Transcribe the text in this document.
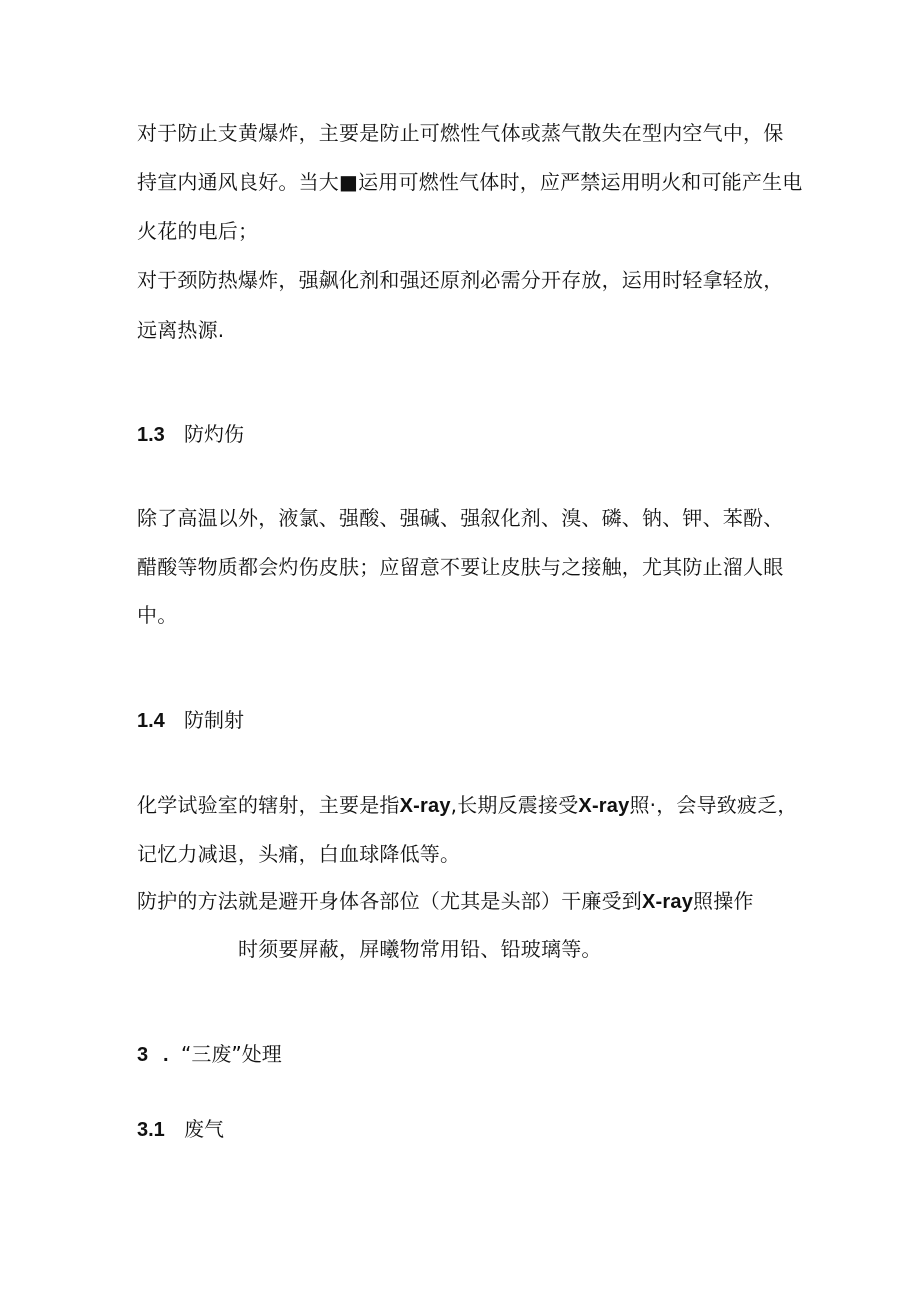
对于防止支黄爆炸，主要是防止可燃性气体或蒸气散失在型内空气中，保
持宣内通风良好。当大■运用可燃性气体时，应严禁运用明火和可能产生电
火花的电后；
对于颈防热爆炸，强飙化剂和强还原剂必需分开存放，运用时轻拿轻放，
远离热源.
1.3 防灼伤
除了高温以外，液氯、强酸、强碱、强叙化剂、溴、磷、钠、钾、苯酚、
醋酸等物质都会灼伤皮肤；应留意不要让皮肤与之接触，尤其防止溜人眼
中。
1.4 防制射
化学试验室的辖射，主要是指X-ray,长期反震接受X-ray照·，会导致疲乏，
记忆力减退，头痛，白血球降低等。
防护的方法就是避开身体各部位（尤其是头部）干廉受到X-ray照操作
时须要屏蔽，屏曦物常用铅、铅玻璃等。
3 . “三废”处理
3.1 废气
